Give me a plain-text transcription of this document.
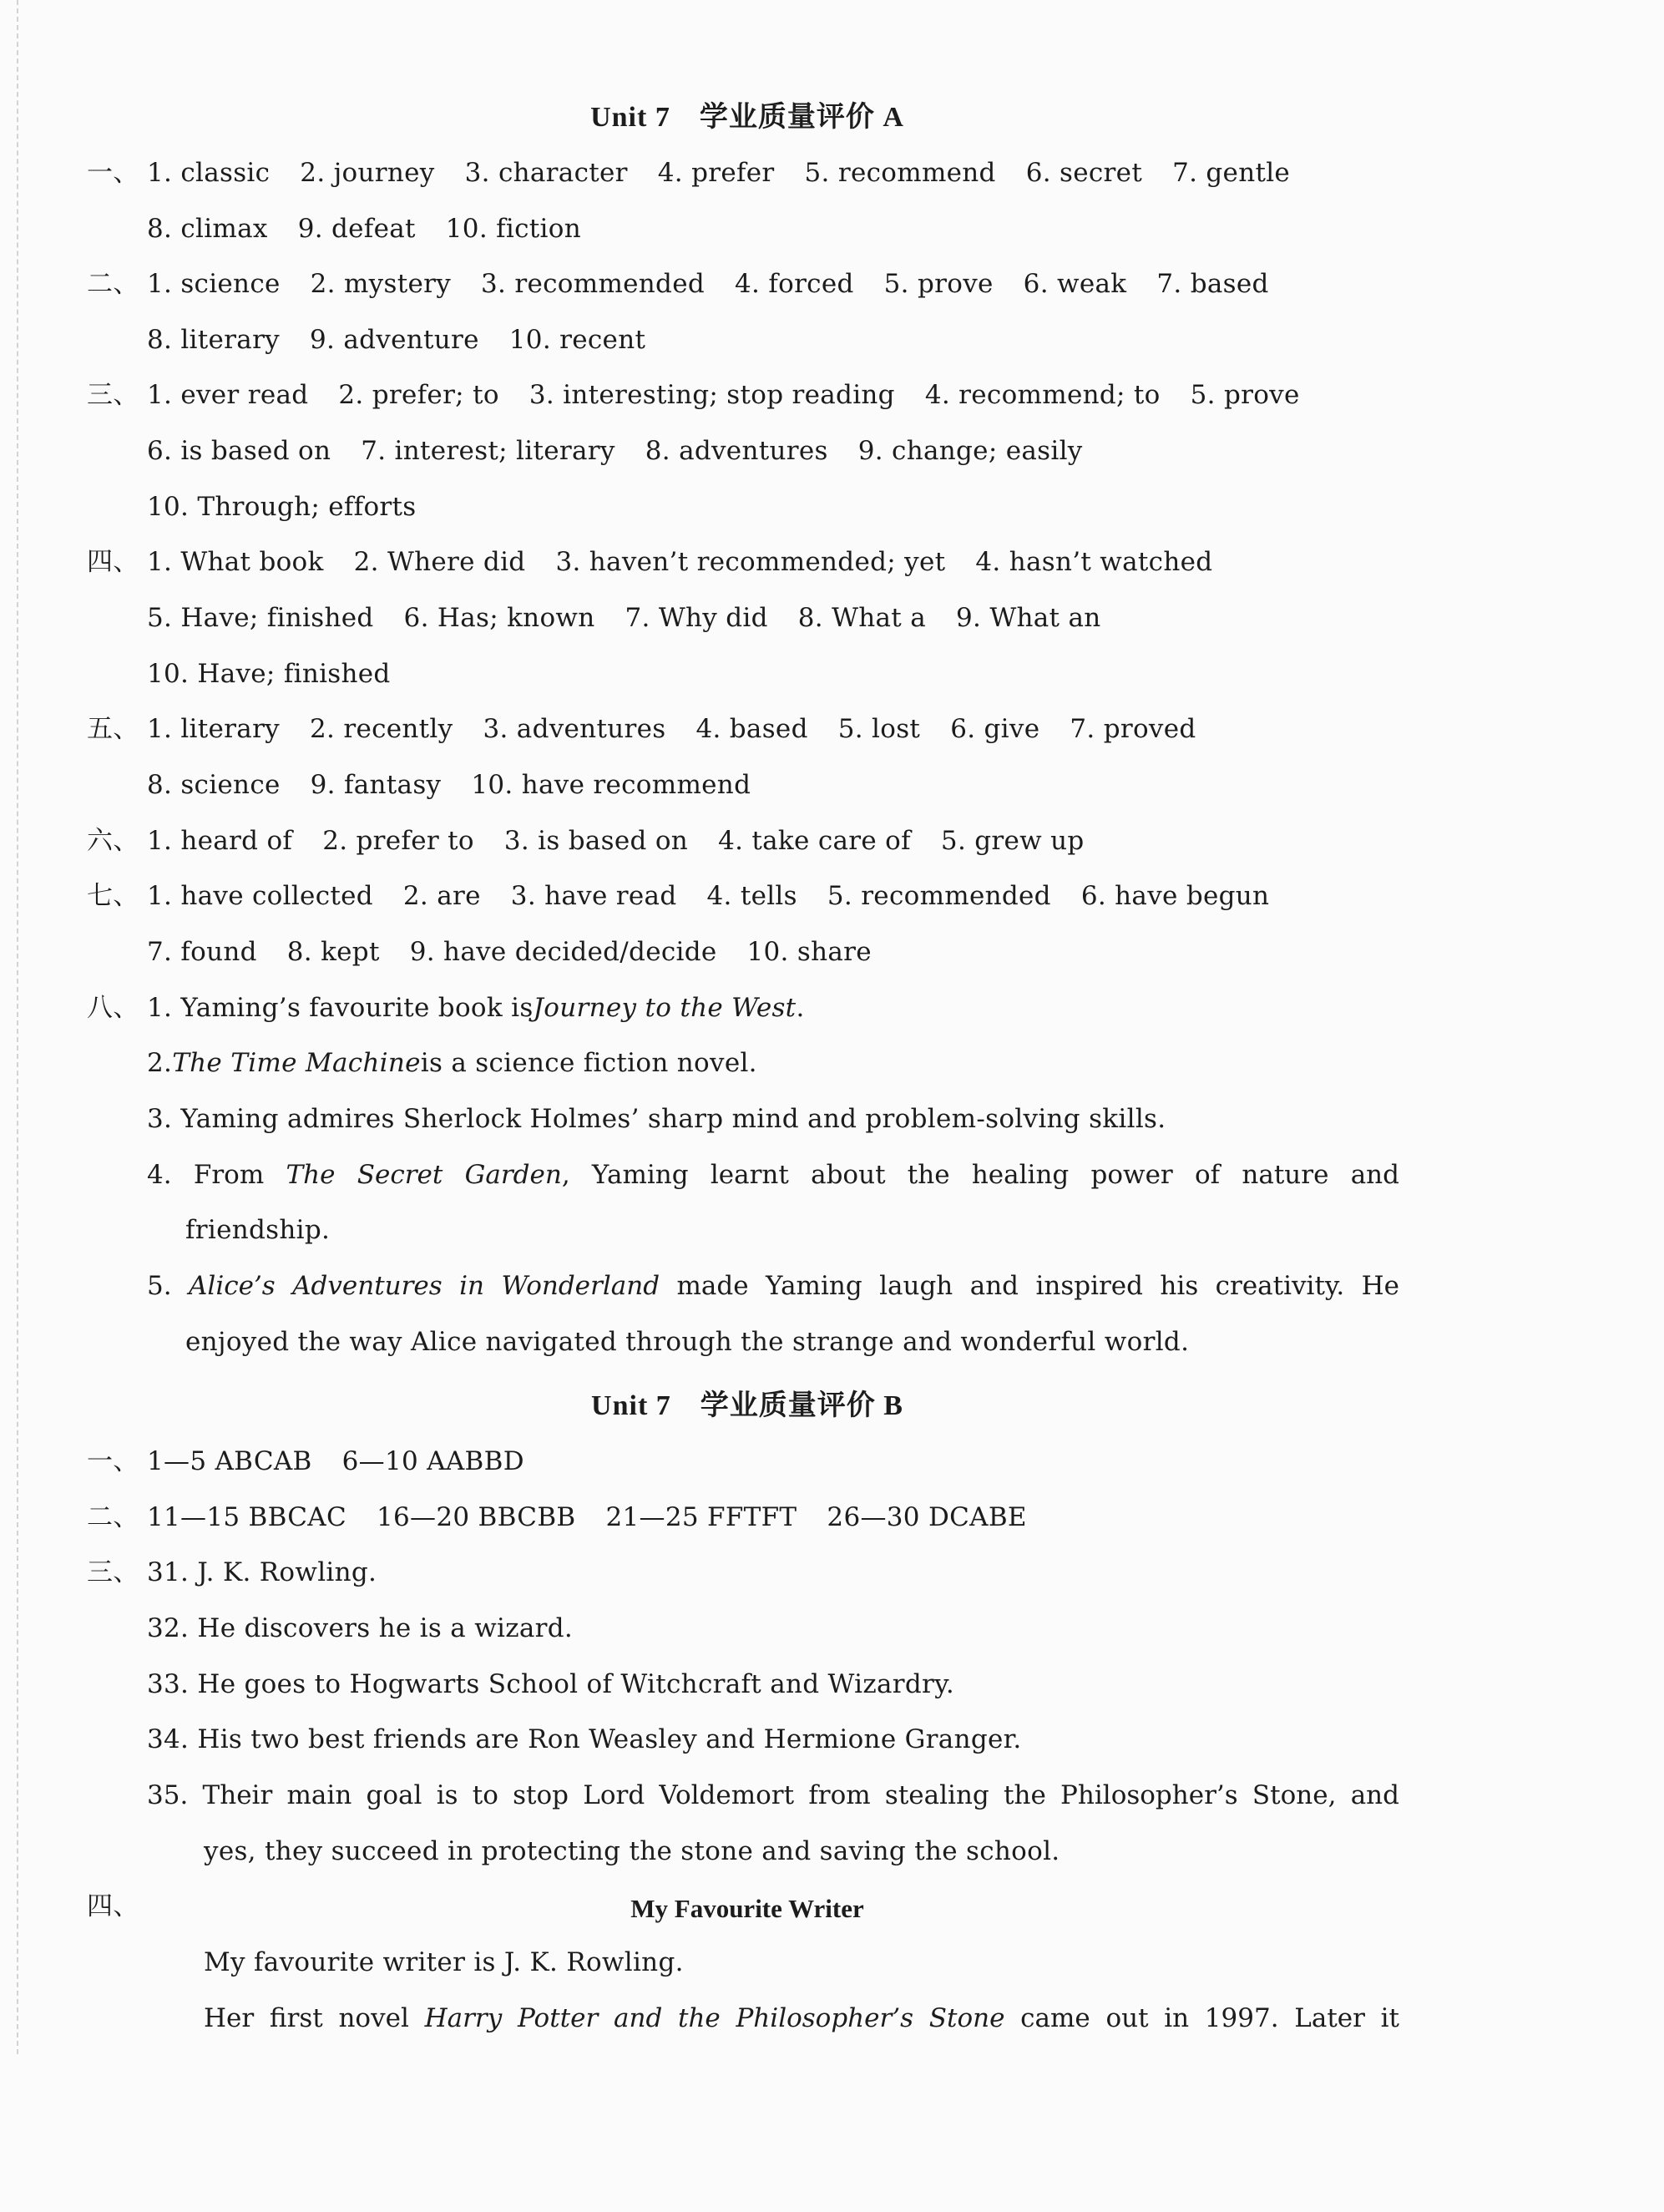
Unit 7　学业质量评价 A
一、 1. classic 2. journey 3. character 4. prefer 5. recommend 6. secret 7. gentle
8. climax 9. defeat 10. fiction
二、 1. science 2. mystery 3. recommended 4. forced 5. prove 6. weak 7. based
8. literary 9. adventure 10. recent
三、 1. ever read 2. prefer; to 3. interesting; stop reading 4. recommend; to 5. prove
6. is based on 7. interest; literary 8. adventures 9. change; easily
10. Through; efforts
四、 1. What book 2. Where did 3. haven’t recommended; yet 4. hasn’t watched
5. Have; finished 6. Has; known 7. Why did 8. What a 9. What an
10. Have; finished
五、 1. literary 2. recently 3. adventures 4. based 5. lost 6. give 7. proved
8. science 9. fantasy 10. have recommend
六、 1. heard of 2. prefer to 3. is based on 4. take care of 5. grew up
七、 1. have collected 2. are 3. have read 4. tells 5. recommended 6. have begun
7. found 8. kept 9. have decided/decide 10. share
八、 1. Yaming’s favourite book isJourney to the West.
2.The Time Machineis a science fiction novel.
3. Yaming admires Sherlock Holmes’ sharp mind and problem-solving skills.
4. From The Secret Garden, Yaming learnt about the healing power of nature and
friendship.
5. Alice’s Adventures in Wonderland made Yaming laugh and inspired his creativity. He
enjoyed the way Alice navigated through the strange and wonderful world.
Unit 7　学业质量评价 B
一、 1—5 ABCAB 6—10 AABBD
二、 11—15 BBCAC 16—20 BBCBB 21—25 FFTFT 26—30 DCABE
三、 31. J. K. Rowling.
32. He discovers he is a wizard.
33. He goes to Hogwarts School of Witchcraft and Wizardry.
34. His two best friends are Ron Weasley and Hermione Granger.
35. Their main goal is to stop Lord Voldemort from stealing the Philosopher’s Stone, and
yes, they succeed in protecting the stone and saving the school.
四、	My Favourite Writer
My favourite writer is J. K. Rowling.
Her first novel Harry Potter and the Philosopher’s Stone came out in 1997. Later it
